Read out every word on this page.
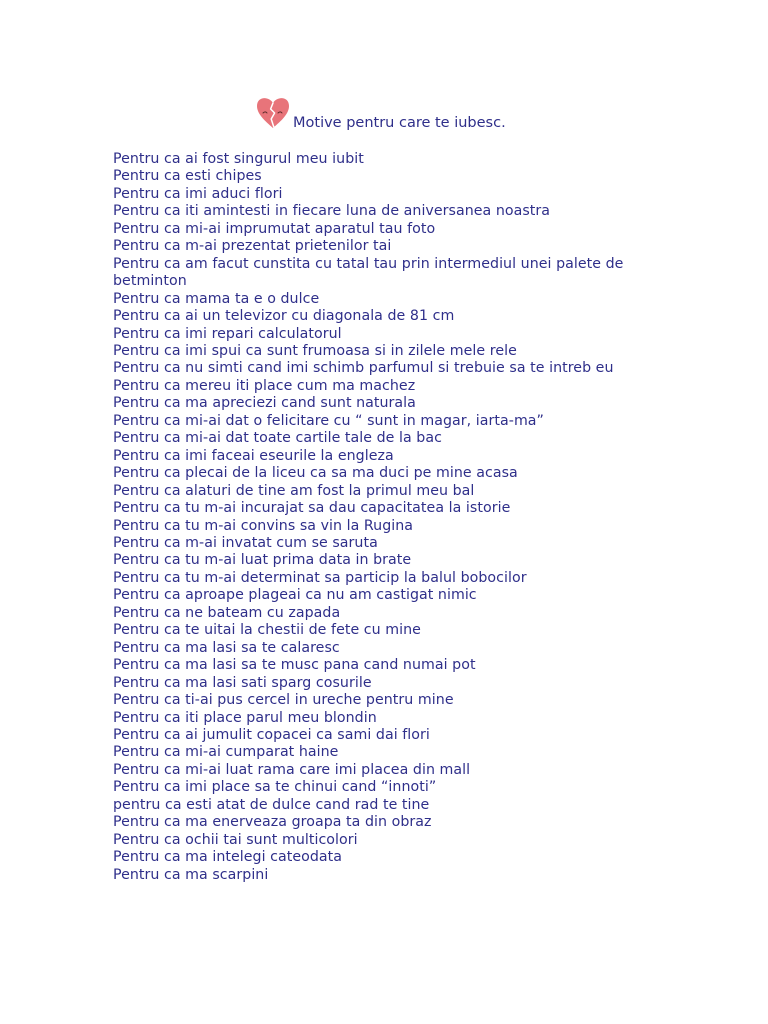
Motive pentru care te iubesc.
Pentru ca ai fost singurul meu iubit
Pentru ca esti chipes
Pentru ca imi aduci flori
Pentru ca iti amintesti in fiecare luna de aniversanea noastra
Pentru ca mi-ai imprumutat aparatul tau foto
Pentru ca m-ai prezentat prietenilor tai
Pentru ca am facut cunstita cu tatal tau prin intermediul unei palete de betminton
Pentru ca mama ta e o dulce
Pentru ca ai un televizor cu diagonala de 81 cm
Pentru ca imi repari calculatorul
Pentru ca imi spui ca sunt frumoasa si in zilele mele rele
Pentru ca nu simti cand imi schimb parfumul si trebuie sa te intreb eu
Pentru ca mereu iti place cum ma machez
Pentru ca ma apreciezi cand sunt naturala
Pentru ca mi-ai dat o felicitare cu “ sunt in magar, iarta-ma”
Pentru ca mi-ai dat toate cartile tale de la bac
Pentru ca imi faceai eseurile la engleza
Pentru ca plecai de la liceu ca sa ma duci pe mine acasa
Pentru ca alaturi de tine am fost la primul meu bal
Pentru ca tu m-ai incurajat sa dau capacitatea la istorie
Pentru ca tu m-ai convins sa vin la Rugina
Pentru ca m-ai invatat cum se saruta
Pentru ca tu m-ai luat prima data in brate
Pentru ca tu m-ai determinat sa particip la balul bobocilor
Pentru ca aproape plageai ca nu am castigat nimic
Pentru ca ne bateam cu zapada
Pentru ca te uitai la chestii de fete cu mine
Pentru ca ma lasi sa te calaresc
Pentru ca ma lasi sa te musc pana cand numai pot
Pentru ca ma lasi sati sparg cosurile
Pentru ca ti-ai pus cercel in ureche pentru mine
Pentru ca iti place parul meu blondin
Pentru ca ai jumulit copacei ca sami dai flori
Pentru ca mi-ai cumparat haine
Pentru ca mi-ai luat rama care imi placea din mall
Pentru ca imi place sa te chinui cand “innoti”
pentru ca esti atat de dulce cand rad te tine
Pentru ca ma enerveaza groapa ta din obraz
Pentru ca ochii tai sunt multicolori
Pentru ca ma intelegi cateodata
Pentru ca ma scarpini
